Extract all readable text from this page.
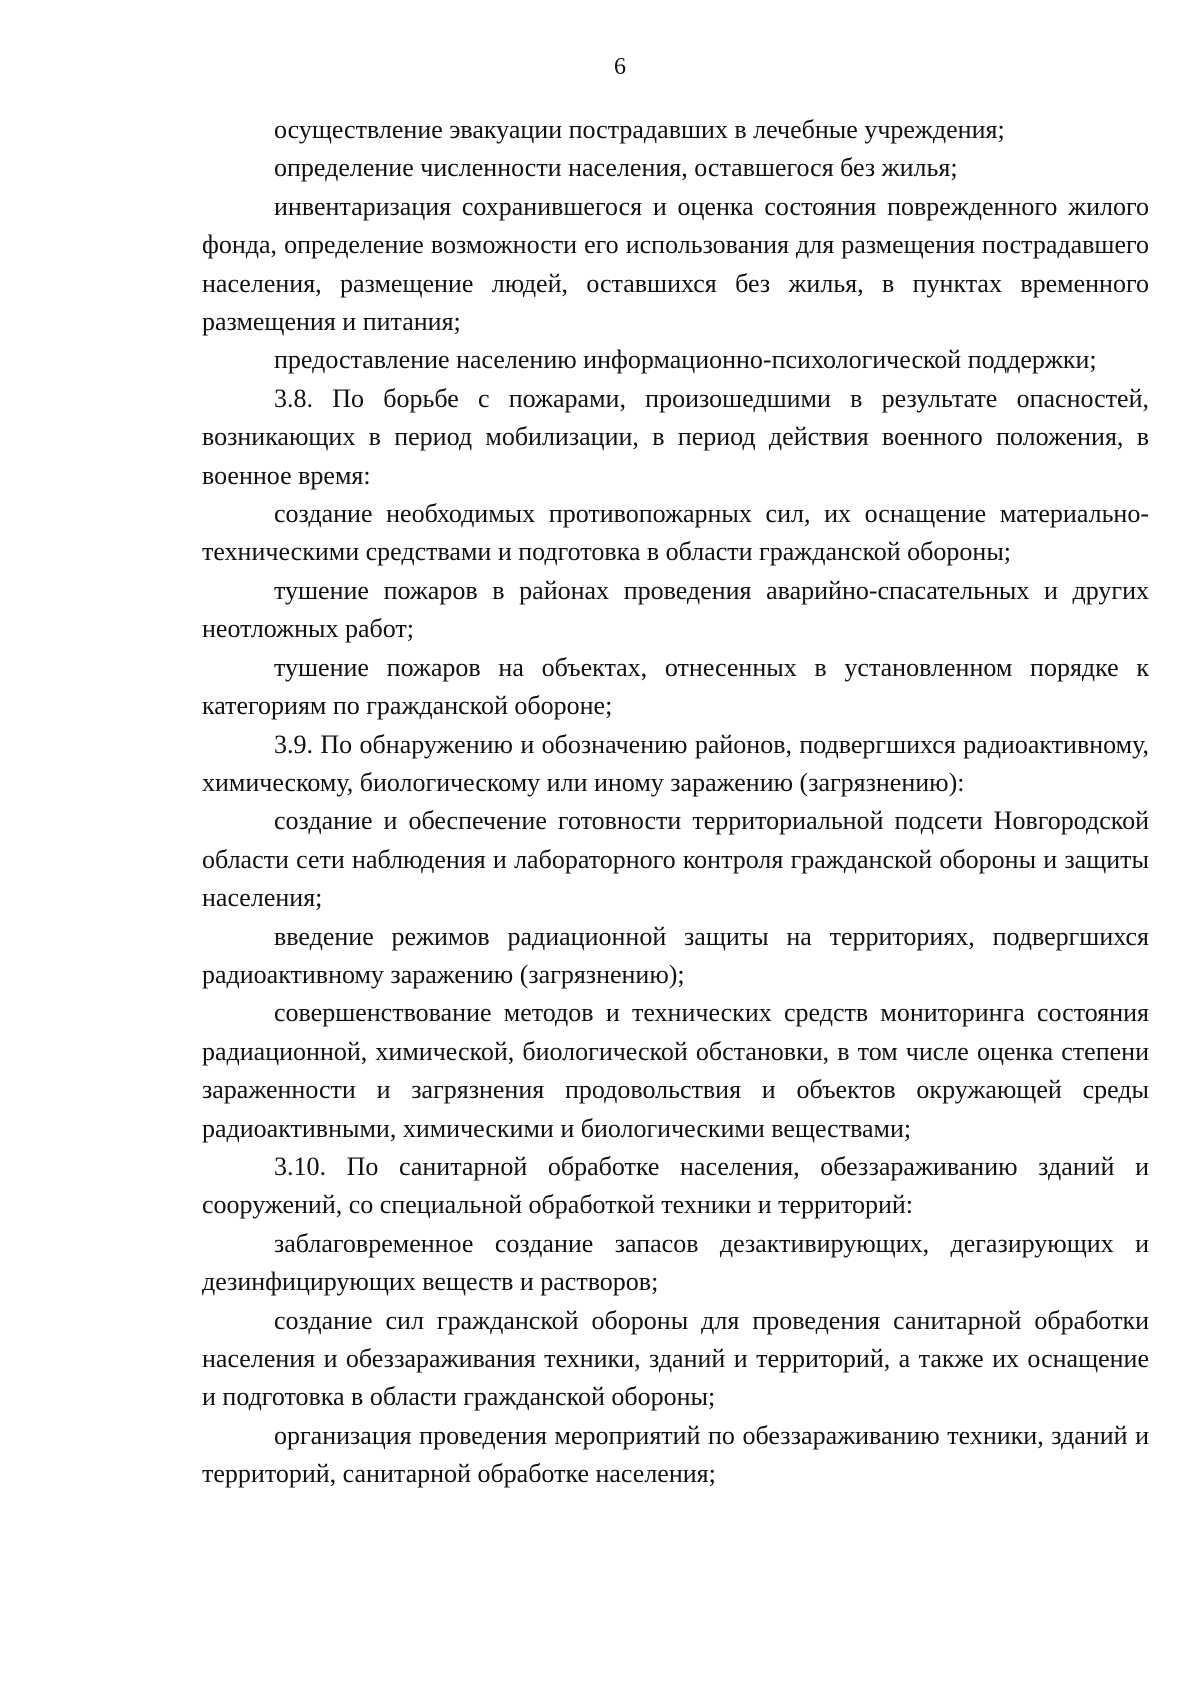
6

осуществление эвакуации пострадавших в лечебные учреждения;

определение численности населения, оставшегося без жилья;

инвентаризация сохранившегося и оценка состояния поврежденного жилого фонда, определение возможности его использования для размещения пострадавшего населения, размещение людей, оставшихся без жилья, в пунктах временного размещения и питания;

предоставление населению информационно-психологической поддержки;

3.8. По борьбе с пожарами, произошедшими в результате опасностей, возникающих в период мобилизации, в период действия военного положения, в военное время:

создание необходимых противопожарных сил, их оснащение материально-техническими средствами и подготовка в области гражданской обороны;

тушение пожаров в районах проведения аварийно-спасательных и других неотложных работ;

тушение пожаров на объектах, отнесенных в установленном порядке к категориям по гражданской обороне;

3.9. По обнаружению и обозначению районов, подвергшихся радиоактивному, химическому, биологическому или иному заражению (загрязнению):

создание и обеспечение готовности территориальной подсети Новгородской области сети наблюдения и лабораторного контроля гражданской обороны и защиты населения;

введение режимов радиационной защиты на территориях, подвергшихся радиоактивному заражению (загрязнению);

совершенствование методов и технических средств мониторинга состояния радиационной, химической, биологической обстановки, в том числе оценка степени зараженности и загрязнения продовольствия и объектов окружающей среды радиоактивными, химическими и биологическими веществами;

3.10. По санитарной обработке населения, обеззараживанию зданий и сооружений, со специальной обработкой техники и территорий:

заблаговременное создание запасов дезактивирующих, дегазирующих и дезинфицирующих веществ и растворов;

создание сил гражданской обороны для проведения санитарной обработки населения и обеззараживания техники, зданий и территорий, а также их оснащение и подготовка в области гражданской обороны;

организация проведения мероприятий по обеззараживанию техники, зданий и территорий, санитарной обработке населения;
